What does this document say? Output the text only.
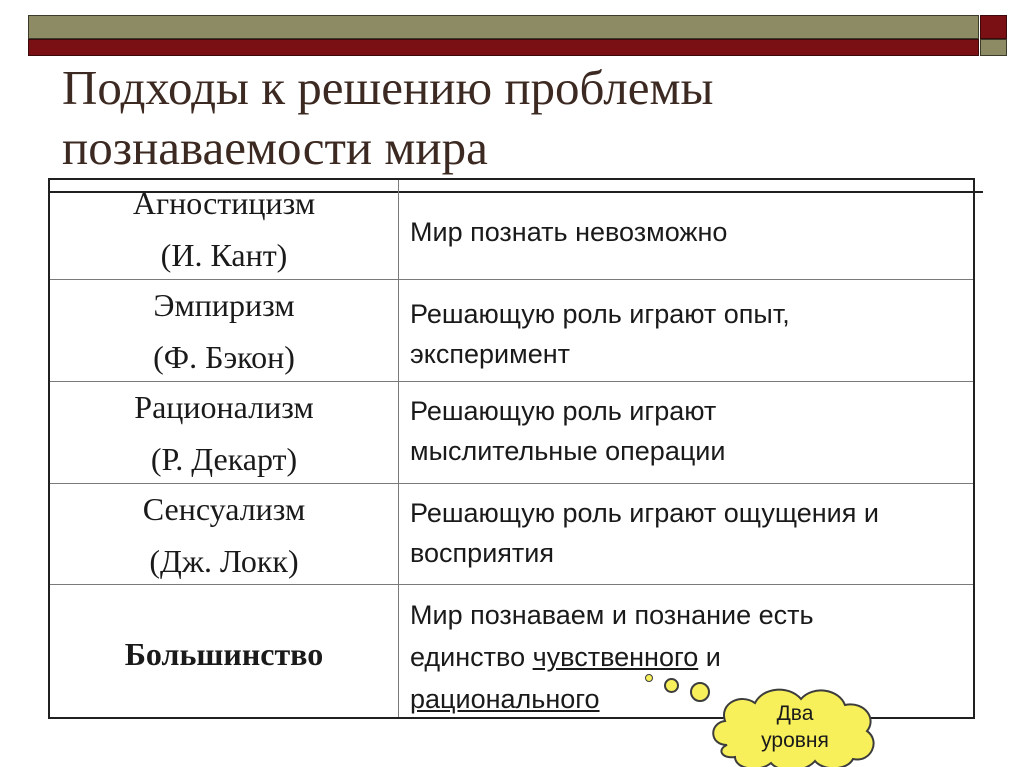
Подходы к решению проблемы
познаваемости мира
Агностицизм
(И. Кант)
Мир познать невозможно
Эмпиризм
(Ф. Бэкон)
Решающую роль играют опыт,
эксперимент
Рационализм
(Р. Декарт)
Решающую роль играют
мыслительные операции
Сенсуализм
(Дж. Локк)
Решающую роль играют ощущения и
восприятия
Большинство
Мир познаваем и познание есть
единство чувственного и
рационального	Два
уровня
